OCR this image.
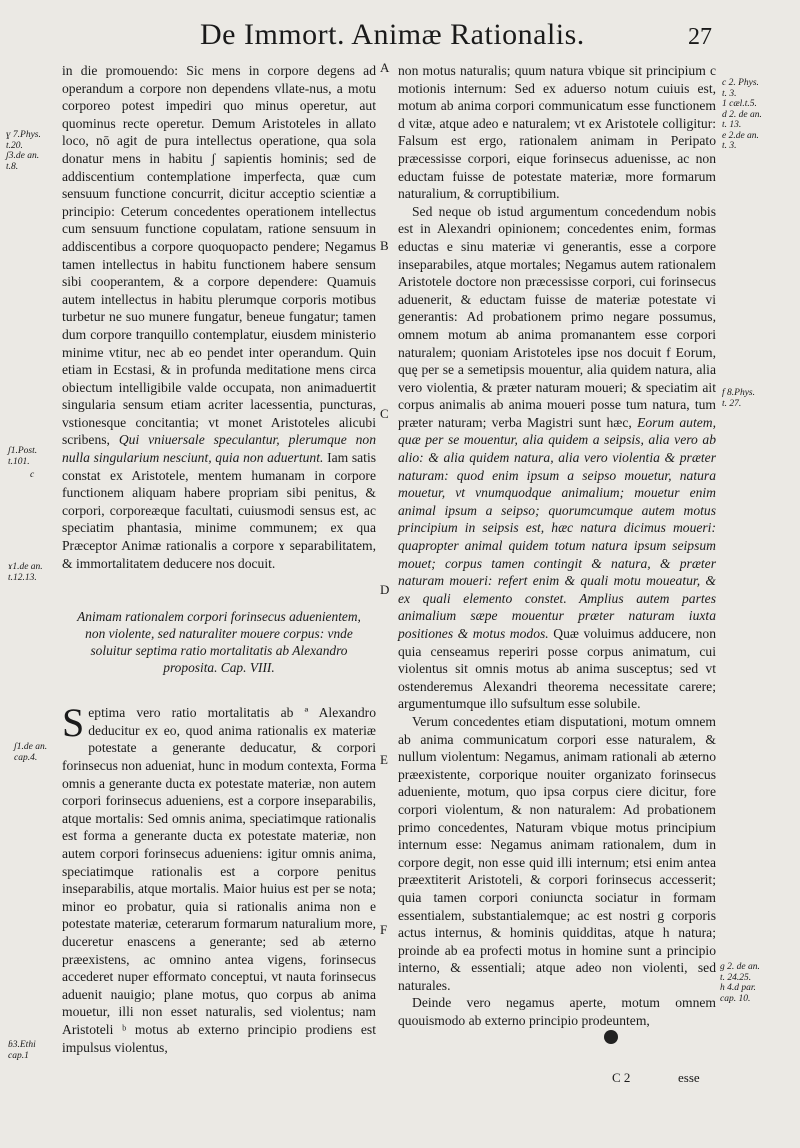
De Immort. Animæ Rationalis.	27
ɣ 7.Phys.
t.20.
ʃ3.de an.
t.8.
ʃ1.Post.
t.101.
c
ɤ1.de an.
t.12.13.
ʃ1.de an.
cap.4.
ɓ3.Ethi
cap.1
c 2. Phys.
t. 3.
1 cæl.t.5.
d 2. de an.
t. 13.
e 2.de an.
t. 3.
f 8.Phys.
t. 27.
g 2. de an.
t. 24.25.
h 4.d par.
cap. 10.
A
B
C
D
E
F

in die promouendo: Sic mens in corpore degens ad operandum a corpore non dependens vllate-nus, a motu corporeo potest impediri quo minus operetur, aut quominus recte operetur. Demum Aristoteles in allato loco, nō agit de pura intellectus operatione, qua sola donatur mens in habitu ʃ sapientis hominis; sed de addiscentium contemplatione imperfecta, quæ cum sensuum functione concurrit, dicitur acceptio scientiæ a principio: Ceterum concedentes operationem intellectus cum sensuum functione copulatam, ratione sensuum in addiscentibus a corpore quoquopacto pendere; Negamus tamen intellectus in habitu functionem habere sensum sibi cooperantem, & a corpore dependere: Quamuis autem intellectus in habitu plerumque corporis motibus turbetur ne suo munere fungatur, beneue fungatur; tamen dum corpore tranquillo contemplatur, eiusdem ministerio minime vtitur, nec ab eo pendet inter operandum. Quin etiam in Ecstasi, & in profunda meditatione mens circa obiectum intelligibile valde occupata, non animaduertit singularia sensum etiam acriter lacessentia, puncturas, vstionesque concitantia; vt monet Aristoteles alicubi scribens, Qui vniuersale speculantur, plerumque non nulla singularium nesciunt, quia non aduertunt. Iam satis constat ex Aristotele, mentem humanam in corpore functionem aliquam habere propriam sibi penitus, & corpori, corporeæque facultati, cuiusmodi sensus est, ac speciatim phantasia, minime communem; ex qua Præceptor Animæ rationalis a corpore ɤ separabilitatem, & immortalitatem deducere nos docuit.

Animam rationalem corpori forinsecus aduenientem, non violente, sed naturaliter mouere corpus: vnde soluitur septima ratio mortalitatis ab Alexandro proposita. Cap. VIII.

S eptima vero ratio mortalitatis ab ª Alexandro deducitur ex eo, quod anima rationalis ex materiæ potestate a generante deducatur, & corpori forinsecus non adueniat, hunc in modum contexta, Forma omnis a generante ducta ex potestate materiæ, non autem corpori forinsecus adueniens, est a corpore inseparabilis, atque mortalis: Sed omnis anima, speciatimque rationalis est forma a generante ducta ex potestate materiæ, non autem corpori forinsecus adueniens: igitur omnis anima, speciatimque rationalis est a corpore penitus inseparabilis, atque mortalis. Maior huius est per se nota; minor eo probatur, quia si rationalis anima non e potestate materiæ, ceterarum formarum naturalium more, duceretur enascens a generante; sed ab æterno præexistens, ac omnino antea vigens, forinsecus accederet nuper efformato conceptui, vt nauta forinsecus aduenit nauigio; plane motus, quo corpus ab anima mouetur, illi non esset naturalis, sed violentus; nam Aristoteli ᵇ motus ab externo principio prodiens est impulsus violentus,

non motus naturalis; quum natura vbique sit principium c motionis internum: Sed ex aduerso notum cuiuis est, motum ab anima corpori communicatum esse functionem d vitæ, atque adeo e naturalem; vt ex Aristotele colligitur: Falsum est ergo, rationalem animam in Peripato præcessisse corpori, eique forinsecus aduenisse, ac non eductam fuisse de potestate materiæ, more formarum naturalium, & corruptibilium.

Sed neque ob istud argumentum concedendum nobis est in Alexandri opinionem; concedentes enim, formas eductas e sinu materiæ vi generantis, esse a corpore inseparabiles, atque mortales; Negamus autem rationalem Aristotele doctore non præcessisse corpori, cui forinsecus aduenerit, & eductam fuisse de materiæ potestate vi generantis: Ad probationem primo negare possumus, omnem motum ab anima promanantem esse corpori naturalem; quoniam Aristoteles ipse nos docuit f Eorum, quę per se a semetipsis mouentur, alia quidem natura, alia vero violentia, & præter naturam moueri; & speciatim ait corpus animalis ab anima moueri posse tum natura, tum præter naturam; verba Magistri sunt hæc, Eorum autem, quæ per se mouentur, alia quidem a seipsis, alia vero ab alio: & alia quidem natura, alia vero violentia & præter naturam: quod enim ipsum a seipso mouetur, natura mouetur, vt vnumquodque animalium; mouetur enim animal ipsum a seipso; quorumcumque autem motus principium in seipsis est, hæc natura dicimus moueri: quapropter animal quidem totum natura ipsum seipsum mouet; corpus tamen contingit & natura, & præter naturam moueri: refert enim & quali motu moueatur, & ex quali elemento constet. Amplius autem partes animalium sæpe mouentur præter naturam iuxta positiones & motus modos. Quæ voluimus adducere, non quia censeamus reperiri posse corpus animatum, cui violentus sit omnis motus ab anima susceptus; sed vt ostenderemus Alexandri theorema necessitate carere; argumentumque illo sufsultum esse solubile.

Verum concedentes etiam disputationi, motum omnem ab anima communicatum corpori esse naturalem, & nullum violentum: Negamus, animam rationali ab æterno præexistente, corporique nouiter organizato forinsecus adueniente, motum, quo ipsa corpus ciere dicitur, fore corpori violentum, & non naturalem: Ad probationem primo concedentes, Naturam vbique motus principium internum esse: Negamus animam rationalem, dum in corpore degit, non esse quid illi internum; etsi enim antea præextiterit Aristoteli, & corpori forinsecus accesserit; quia tamen corpori coniuncta sociatur in formam essentialem, substantialemque; ac est nostri g corporis actus internus, & hominis quidditas, atque h natura; proinde ab ea profecti motus in homine sunt a principio interno, & essentiali; atque adeo non violenti, sed naturales.

Deinde vero negamus aperte, motum omnem quouismodo ab externo principio prodeuntem,

C 2	esse
